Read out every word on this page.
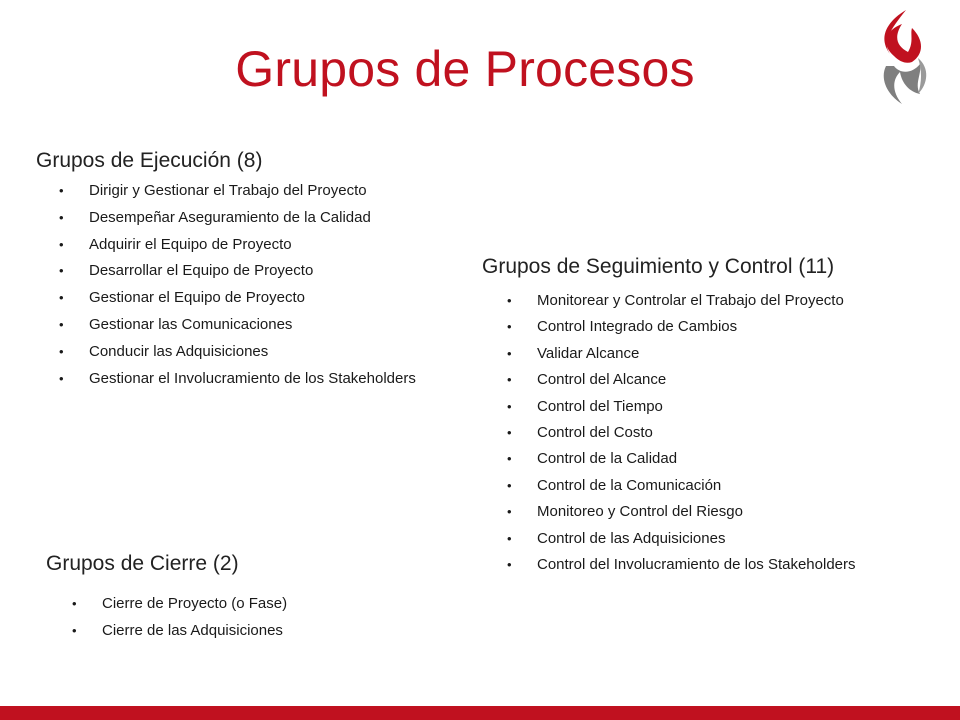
Grupos de Procesos
Grupos de Ejecución (8)
• Dirigir y Gestionar el Trabajo del Proyecto
• Desempeñar Aseguramiento de la Calidad
• Adquirir el Equipo de Proyecto
• Desarrollar el Equipo de Proyecto
• Gestionar el Equipo de Proyecto
• Gestionar las Comunicaciones
• Conducir las Adquisiciones
• Gestionar el Involucramiento de los Stakeholders
Grupos de Seguimiento y Control (11)
• Monitorear y Controlar el Trabajo del Proyecto
• Control Integrado de Cambios
• Validar Alcance
• Control del Alcance
• Control del Tiempo
• Control del Costo
• Control de la Calidad
• Control de la Comunicación
• Monitoreo y Control del Riesgo
• Control de las Adquisiciones
• Control del Involucramiento de los Stakeholders
Grupos de Cierre (2)
• Cierre de Proyecto (o Fase)
• Cierre de las Adquisiciones
